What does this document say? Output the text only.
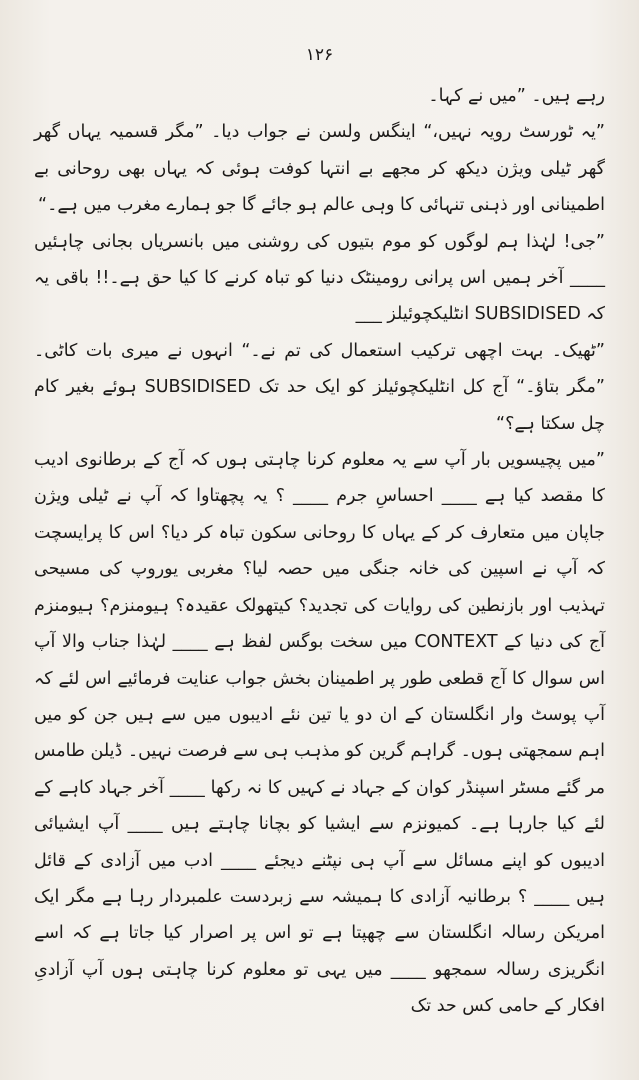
۱۲۶

رہے ہیں۔ ”میں نے کہا۔

”یہ ٹورسٹ رویہ نہیں،“ اینگس ولسن نے جواب دیا۔ ”مگر قسمیہ یہاں گھر گھر ٹیلی ویژن دیکھ کر مجھے بے انتہا کوفت ہوئی کہ یہاں بھی روحانی بے اطمینانی اور ذہنی تنہائی کا وہی عالم ہو جائے گا جو ہمارے مغرب میں ہے۔“

”جی! لہٰذا ہم لوگوں کو موم بتیوں کی روشنی میں بانسریاں بجانی چاہئیں ____ آخر ہمیں اس پرانی رومینٹک دنیا کو تباہ کرنے کا کیا حق ہے۔!! باقی یہ کہ SUBSIDISED انٹلیکچوئیلز ___

”ٹھیک۔ بہت اچھی ترکیب استعمال کی تم نے۔“ انہوں نے میری بات کاٹی۔ ”مگر بتاؤ۔“ آج کل انٹلیکچوئیلز کو ایک حد تک SUBSIDISED ہوئے بغیر کام چل سکتا ہے؟“

”میں پچیسویں بار آپ سے یہ معلوم کرنا چاہتی ہوں کہ آج کے برطانوی ادیب کا مقصد کیا ہے ____ احساسِ جرم ____ ؟ یہ پچھتاوا کہ آپ نے ٹیلی ویژن جاپان میں متعارف کر کے یہاں کا روحانی سکون تباہ کر دیا؟ اس کا پرایسچت کہ آپ نے اسپین کی خانہ جنگی میں حصہ لیا؟ مغربی یوروپ کی مسیحی تہذیب اور بازنطین کی روایات کی تجدید؟ کیتھولک عقیدہ؟ ہیومنزم؟ ہیومنزم آج کی دنیا کے CONTEXT میں سخت بوگس لفظ ہے ____ لہٰذا جناب والا آپ اس سوال کا آج قطعی طور پر اطمینان بخش جواب عنایت فرمائیے اس لئے کہ آپ پوسٹ وار انگلستان کے ان دو یا تین نئے ادیبوں میں سے ہیں جن کو میں اہم سمجھتی ہوں۔ گراہم گرین کو مذہب ہی سے فرصت نہیں۔ ڈیلن طامس مر گئے مسٹر اسپنڈر کوان کے جہاد نے کہیں کا نہ رکھا ____ آخر جہاد کاہے کے لئے کیا جارہا ہے۔ کمیونزم سے ایشیا کو بچانا چاہتے ہیں ____ آپ ایشیائی ادیبوں کو اپنے مسائل سے آپ ہی نپٹنے دیجئے ____ ادب میں آزادی کے قائل ہیں ____ ؟ برطانیہ آزادی کا ہمیشہ سے زبردست علمبردار رہا ہے مگر ایک امریکن رسالہ انگلستان سے چھپتا ہے تو اس پر اصرار کیا جاتا ہے کہ اسے انگریزی رسالہ سمجھو ____ میں یہی تو معلوم کرنا چاہتی ہوں آپ آزادیِ افکار کے حامی کس حد تک
